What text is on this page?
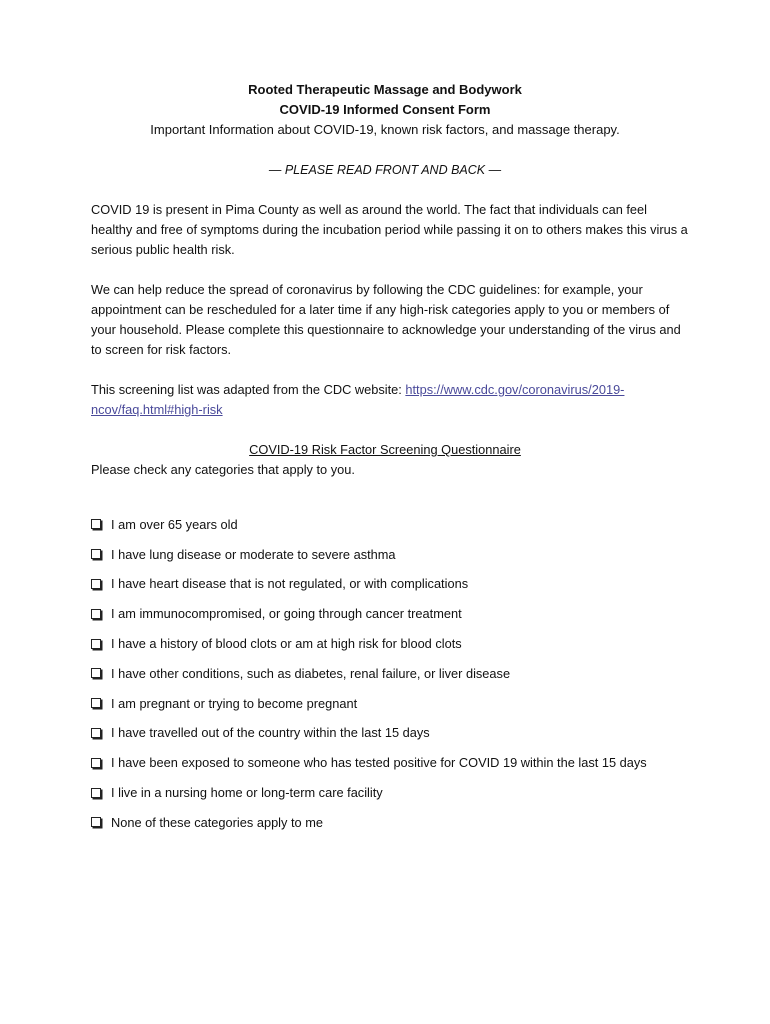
Rooted Therapeutic Massage and Bodywork
COVID-19 Informed Consent Form
Important Information about COVID-19, known risk factors, and massage therapy.
— PLEASE READ FRONT AND BACK —
COVID 19 is present in Pima County as well as around the world. The fact that individuals can feel healthy and free of symptoms during the incubation period while passing it on to others makes this virus a serious public health risk.
We can help reduce the spread of coronavirus by following the CDC guidelines: for example, your appointment can be rescheduled for a later time if any high-risk categories apply to you or members of your household. Please complete this questionnaire to acknowledge your understanding of the virus and to screen for risk factors.
This screening list was adapted from the CDC website: https://www.cdc.gov/coronavirus/2019-ncov/faq.html#high-risk
COVID-19 Risk Factor Screening Questionnaire
Please check any categories that apply to you.
I am over 65 years old
I have lung disease or moderate to severe asthma
I have heart disease that is not regulated, or with complications
I am immunocompromised, or going through cancer treatment
I have a history of blood clots or am at high risk for blood clots
I have other conditions, such as diabetes, renal failure, or liver disease
I am pregnant or trying to become pregnant
I have travelled out of the country within the last 15 days
I have been exposed to someone who has tested positive for COVID 19 within the last 15 days
I live in a nursing home or long-term care facility
None of these categories apply to me
